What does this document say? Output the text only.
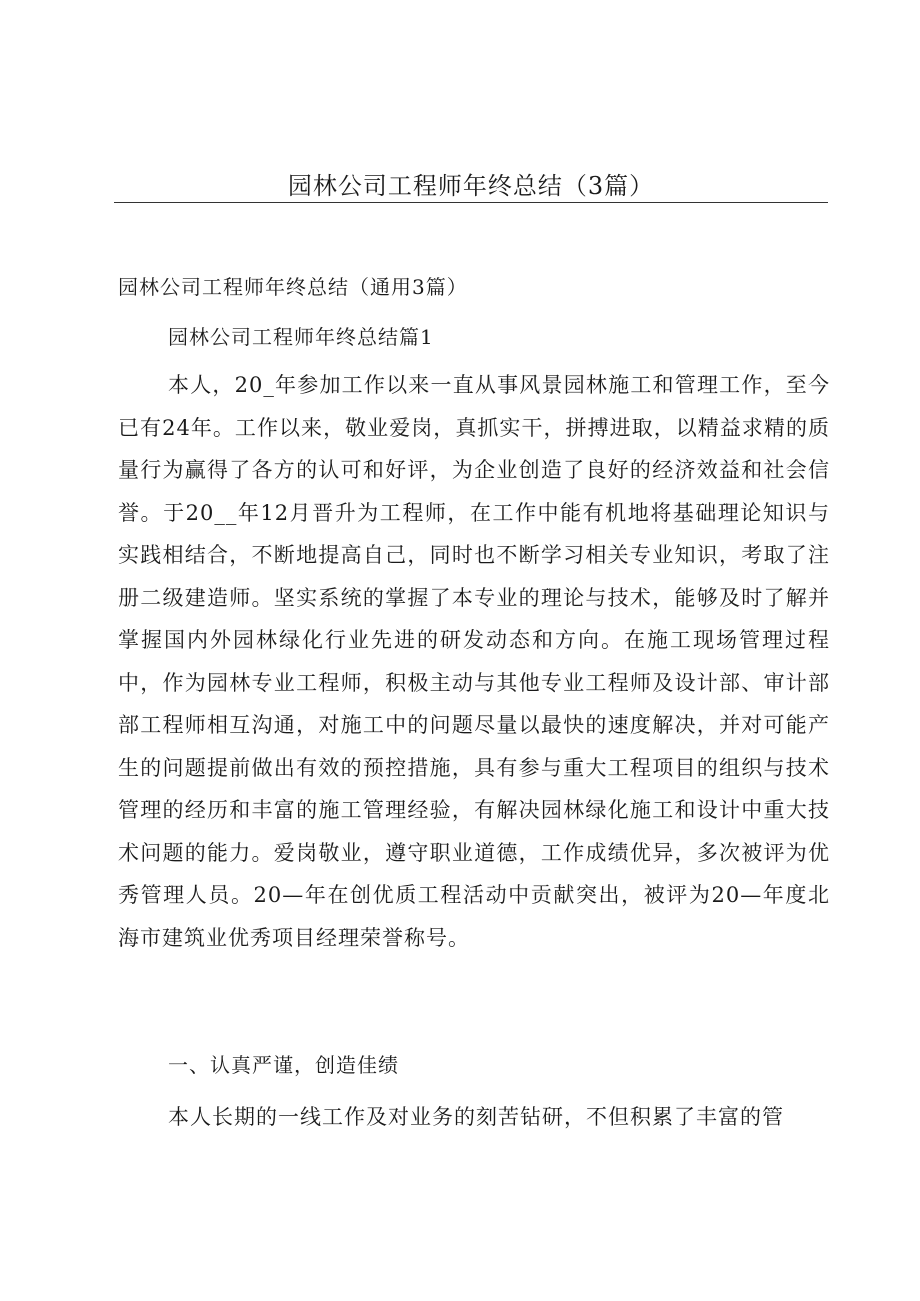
园林公司工程师年终总结（3篇）

园林公司工程师年终总结（通用3篇）

园林公司工程师年终总结篇1

本人，20_年参加工作以来一直从事风景园林施工和管理工作，至今已有24年。工作以来，敬业爱岗，真抓实干，拼搏进取，以精益求精的质量行为赢得了各方的认可和好评，为企业创造了良好的经济效益和社会信誉。于20__年12月晋升为工程师，在工作中能有机地将基础理论知识与实践相结合，不断地提高自己，同时也不断学习相关专业知识，考取了注册二级建造师。坚实系统的掌握了本专业的理论与技术，能够及时了解并掌握国内外园林绿化行业先进的研发动态和方向。在施工现场管理过程中，作为园林专业工程师，积极主动与其他专业工程师及设计部、审计部部工程师相互沟通，对施工中的问题尽量以最快的速度解决，并对可能产生的问题提前做出有效的预控措施，具有参与重大工程项目的组织与技术管理的经历和丰富的施工管理经验，有解决园林绿化施工和设计中重大技术问题的能力。爱岗敬业，遵守职业道德，工作成绩优异，多次被评为优秀管理人员。20—年在创优质工程活动中贡献突出，被评为20—年度北海市建筑业优秀项目经理荣誉称号。

一、认真严谨，创造佳绩

本人长期的一线工作及对业务的刻苦钻研，不但积累了丰富的管
